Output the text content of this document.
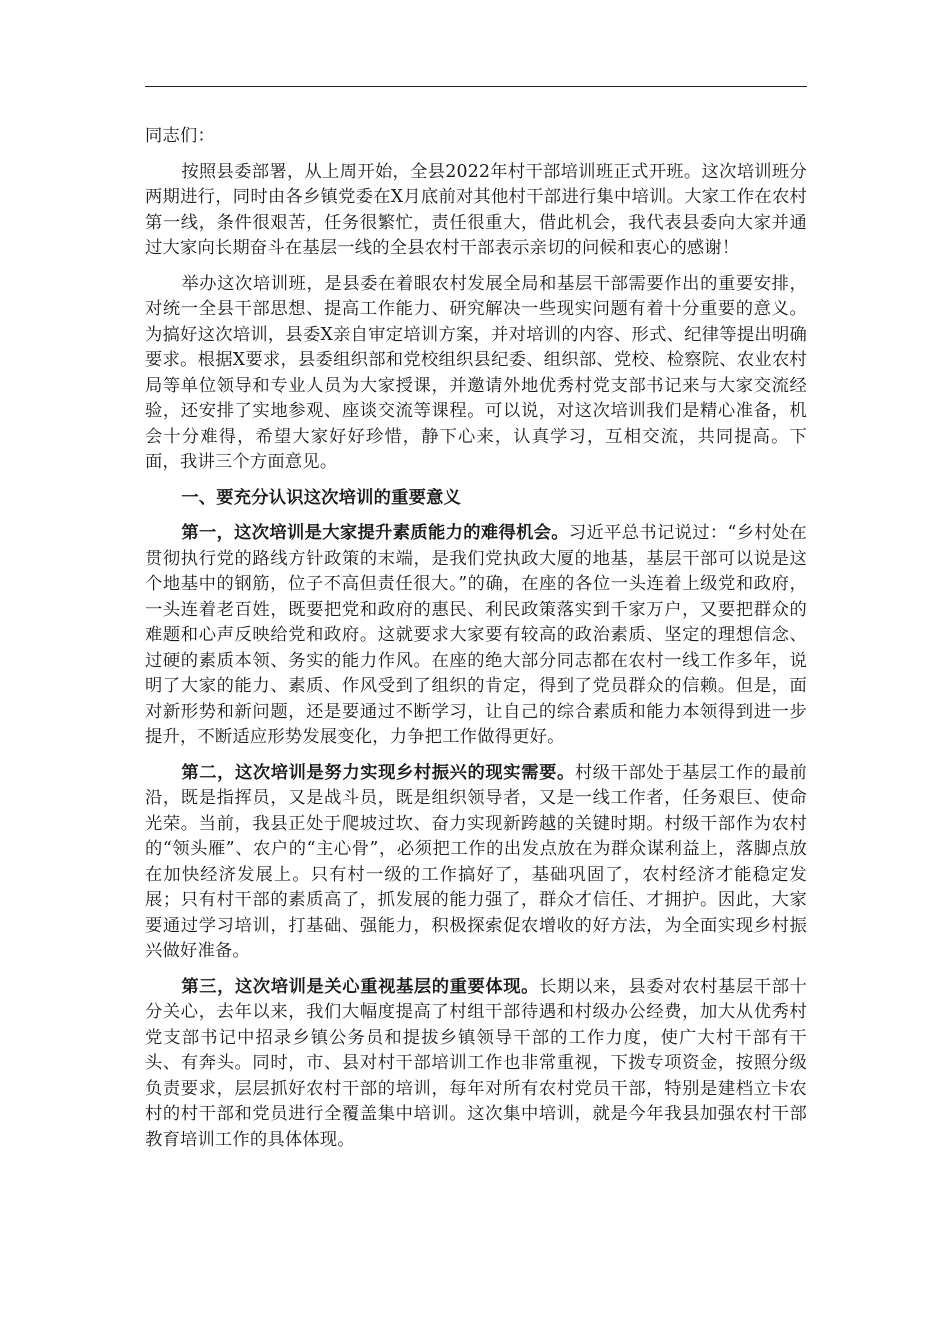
同志们：

按照县委部署，从上周开始，全县2022年村干部培训班正式开班。这次培训班分两期进行，同时由各乡镇党委在X月底前对其他村干部进行集中培训。大家工作在农村第一线，条件很艰苦，任务很繁忙，责任很重大，借此机会，我代表县委向大家并通过大家向长期奋斗在基层一线的全县农村干部表示亲切的问候和衷心的感谢！

举办这次培训班，是县委在着眼农村发展全局和基层干部需要作出的重要安排，对统一全县干部思想、提高工作能力、研究解决一些现实问题有着十分重要的意义。为搞好这次培训，县委X亲自审定培训方案，并对培训的内容、形式、纪律等提出明确要求。根据X要求，县委组织部和党校组织县纪委、组织部、党校、检察院、农业农村局等单位领导和专业人员为大家授课，并邀请外地优秀村党支部书记来与大家交流经验，还安排了实地参观、座谈交流等课程。可以说，对这次培训我们是精心准备，机会十分难得，希望大家好好珍惜，静下心来，认真学习，互相交流，共同提高。下面，我讲三个方面意见。

一、要充分认识这次培训的重要意义

第一，这次培训是大家提升素质能力的难得机会。习近平总书记说过：“乡村处在贯彻执行党的路线方针政策的末端，是我们党执政大厦的地基，基层干部可以说是这个地基中的钢筋，位子不高但责任很大。”的确，在座的各位一头连着上级党和政府，一头连着老百姓，既要把党和政府的惠民、利民政策落实到千家万户，又要把群众的难题和心声反映给党和政府。这就要求大家要有较高的政治素质、坚定的理想信念、过硬的素质本领、务实的能力作风。在座的绝大部分同志都在农村一线工作多年，说明了大家的能力、素质、作风受到了组织的肯定，得到了党员群众的信赖。但是，面对新形势和新问题，还是要通过不断学习，让自己的综合素质和能力本领得到进一步提升，不断适应形势发展变化，力争把工作做得更好。

第二，这次培训是努力实现乡村振兴的现实需要。村级干部处于基层工作的最前沿，既是指挥员，又是战斗员，既是组织领导者，又是一线工作者，任务艰巨、使命光荣。当前，我县正处于爬坡过坎、奋力实现新跨越的关键时期。村级干部作为农村的“领头雁”、农户的“主心骨”，必须把工作的出发点放在为群众谋利益上，落脚点放在加快经济发展上。只有村一级的工作搞好了，基础巩固了，农村经济才能稳定发展；只有村干部的素质高了，抓发展的能力强了，群众才信任、才拥护。因此，大家要通过学习培训，打基础、强能力，积极探索促农增收的好方法，为全面实现乡村振兴做好准备。

第三，这次培训是关心重视基层的重要体现。长期以来，县委对农村基层干部十分关心，去年以来，我们大幅度提高了村组干部待遇和村级办公经费，加大从优秀村党支部书记中招录乡镇公务员和提拔乡镇领导干部的工作力度，使广大村干部有干头、有奔头。同时，市、县对村干部培训工作也非常重视，下拨专项资金，按照分级负责要求，层层抓好农村干部的培训，每年对所有农村党员干部，特别是建档立卡农村的村干部和党员进行全覆盖集中培训。这次集中培训，就是今年我县加强农村干部教育培训工作的具体体现。
